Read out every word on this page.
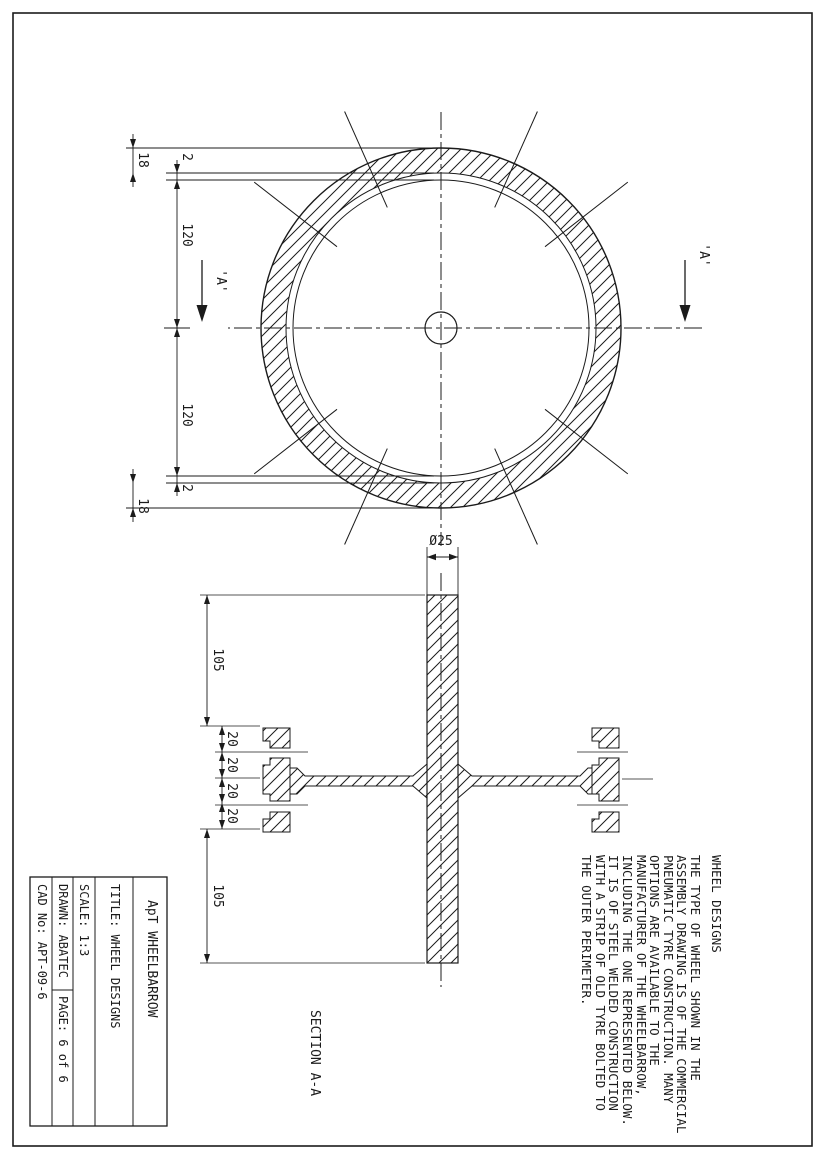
18 2
120
120
2
18
'A'
'A'
Ø25
105
105
20
20
20
20
SECTION A-A
WHEEL DESIGNS
THE TYPE OF WHEEL SHOWN IN THE
ASSEMBLY DRAWING IS OF THE COMMERCIAL
PNEUMATIC TYRE CONSTRUCTION. MANY
OPTIONS ARE AVAILABLE TO THE
MANUFACTURER OF THE WHEELBARROW,
INCLUDING THE ONE REPRESENTED BELOW.
IT IS OF STEEL WELDED CONSTRUCTION
WITH A STRIP OF OLD TYRE BOLTED TO
THE OUTER PERIMETER.
ApT WHEELBARROW
TITLE: WHEEL DESIGNS
SCALE: 1:3
DRAWN: ABATEC
PAGE: 6 of 6
CAD No: APT-09-6
